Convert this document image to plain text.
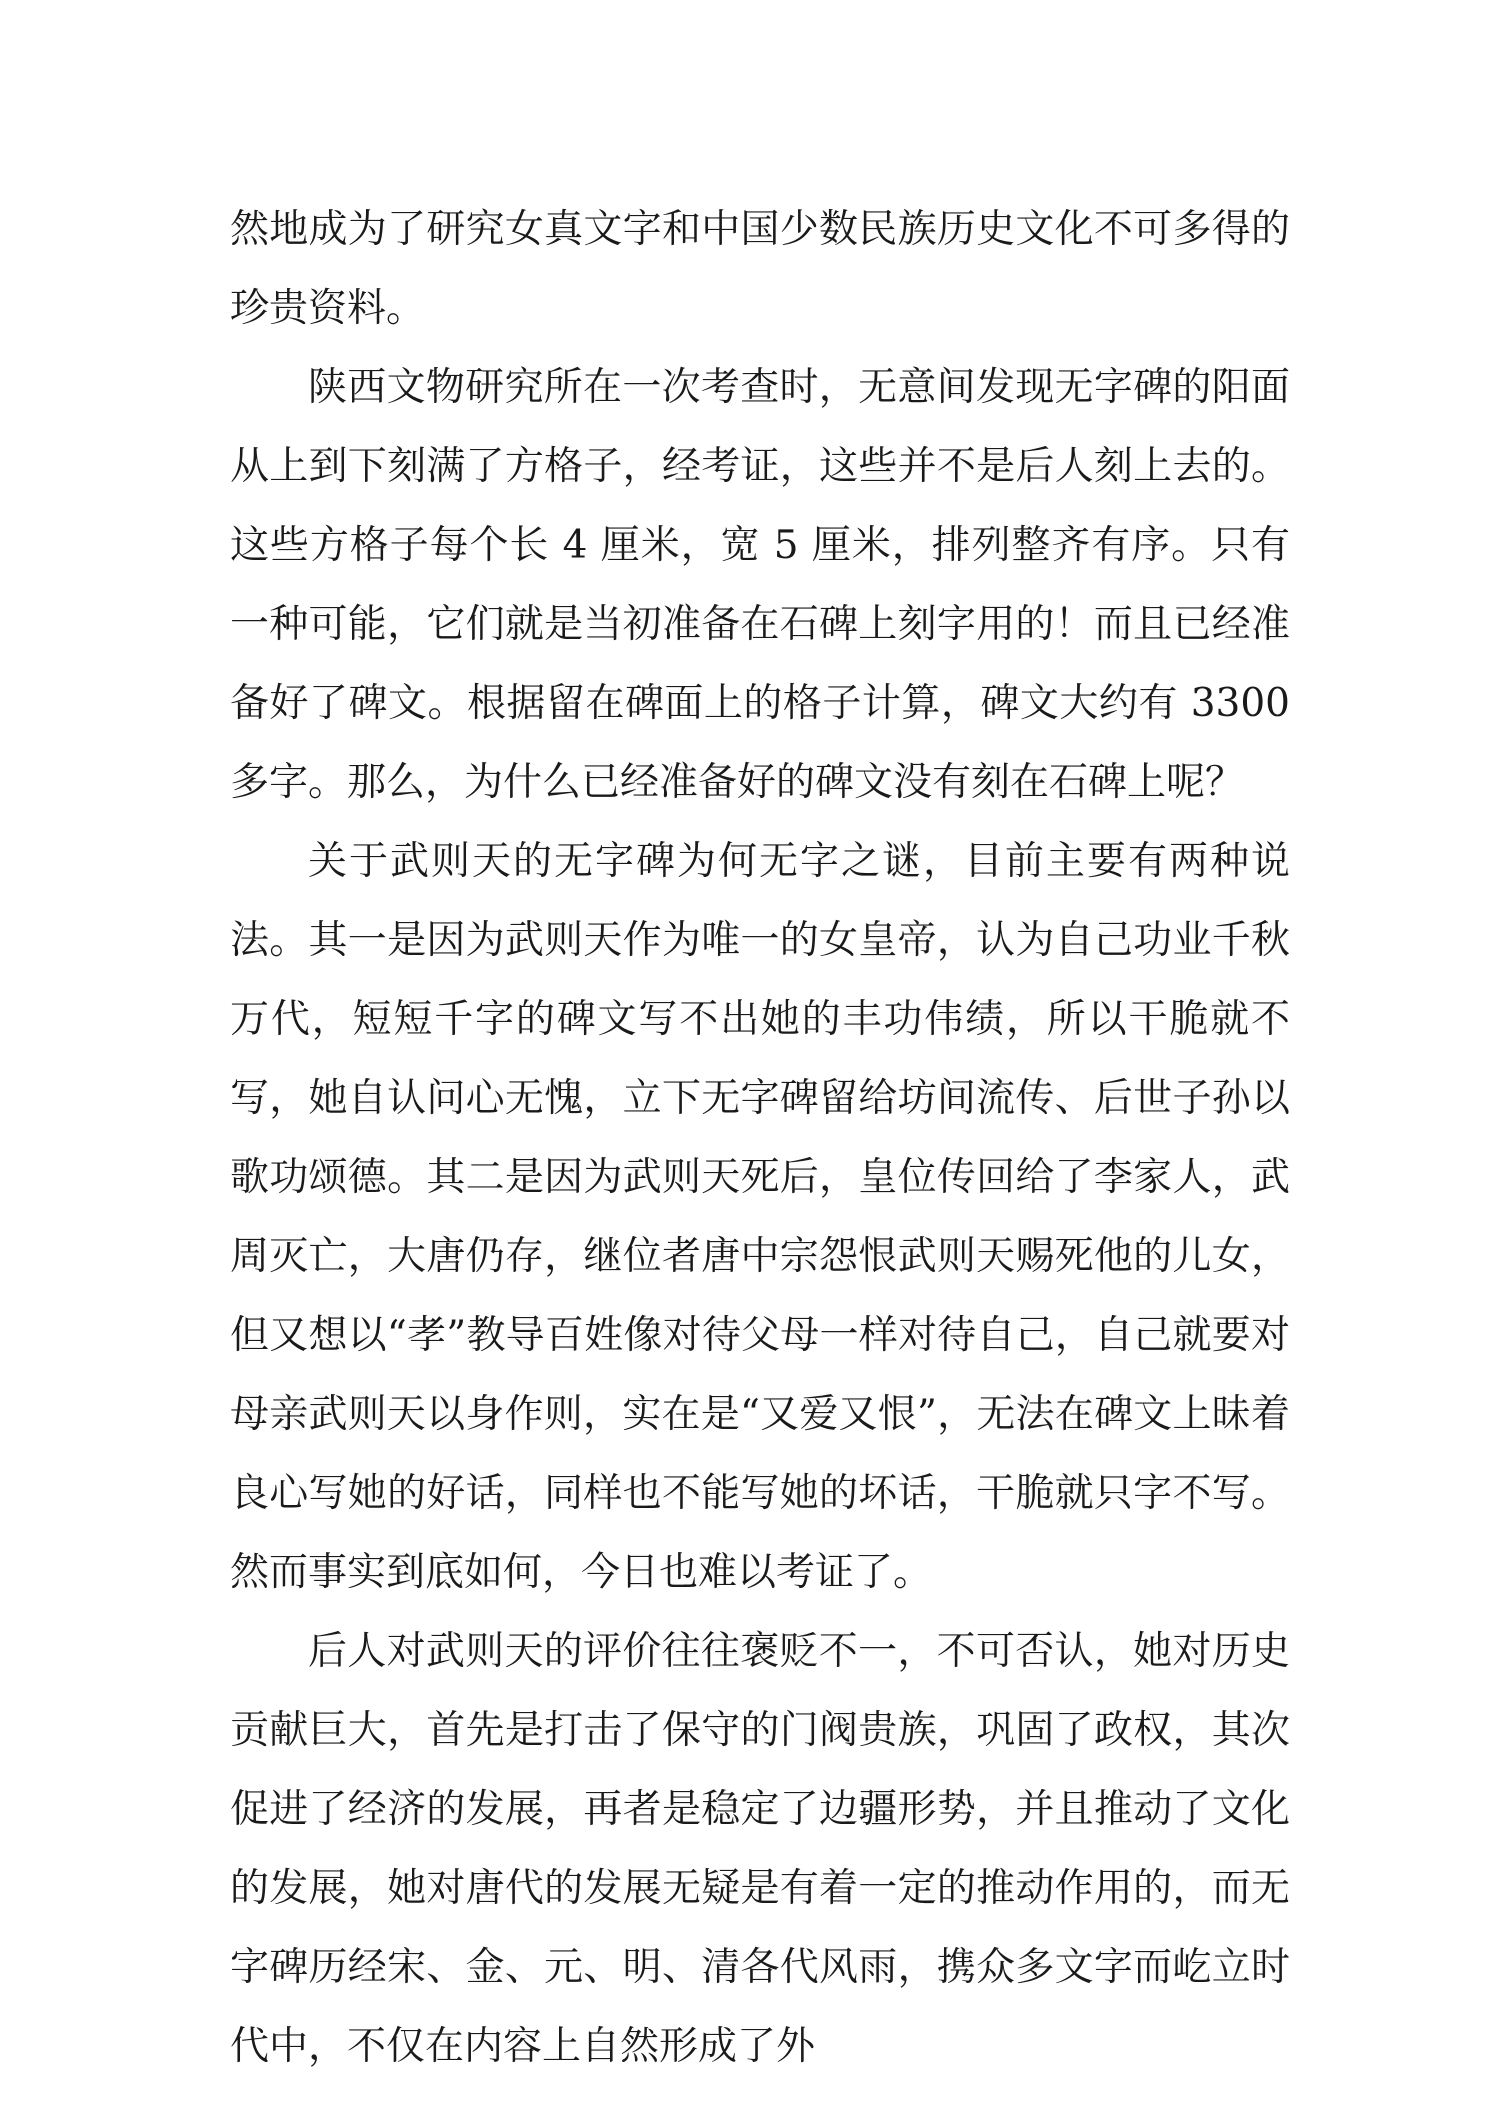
然地成为了研究女真文字和中国少数民族历史文化不可多得的珍贵资料。

陕西文物研究所在一次考查时，无意间发现无字碑的阳面从上到下刻满了方格子，经考证，这些并不是后人刻上去的。这些方格子每个长 4 厘米，宽 5 厘米，排列整齐有序。只有一种可能，它们就是当初准备在石碑上刻字用的！而且已经准备好了碑文。根据留在碑面上的格子计算，碑文大约有 3300 多字。那么，为什么已经准备好的碑文没有刻在石碑上呢？

关于武则天的无字碑为何无字之谜，目前主要有两种说法。其一是因为武则天作为唯一的女皇帝，认为自己功业千秋万代，短短千字的碑文写不出她的丰功伟绩，所以干脆就不写，她自认问心无愧，立下无字碑留给坊间流传、后世子孙以歌功颂德。其二是因为武则天死后，皇位传回给了李家人，武周灭亡，大唐仍存，继位者唐中宗怨恨武则天赐死他的儿女，但又想以“孝”教导百姓像对待父母一样对待自己，自己就要对母亲武则天以身作则，实在是“又爱又恨”，无法在碑文上昧着良心写她的好话，同样也不能写她的坏话，干脆就只字不写。然而事实到底如何，今日也难以考证了。

后人对武则天的评价往往褒贬不一，不可否认，她对历史贡献巨大，首先是打击了保守的门阀贵族，巩固了政权，其次促进了经济的发展，再者是稳定了边疆形势，并且推动了文化的发展，她对唐代的发展无疑是有着一定的推动作用的，而无字碑历经宋、金、元、明、清各代风雨，携众多文字而屹立时代中，不仅在内容上自然形成了外
